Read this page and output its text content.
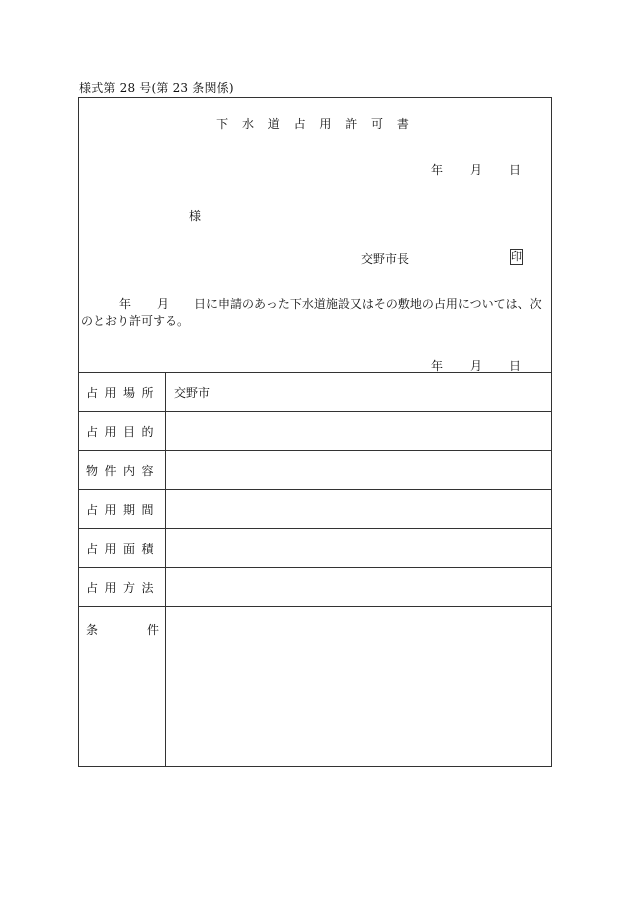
様式第 28 号(第 23 条関係)
下 水 道 占 用 許 可 書
年 月 日
様
交野市長	印
年 月 日に申請のあった下水道施設又はその敷地の占用については、次のとおり許可する。
年 月 日
占用場所	交野市
占用目的
物件内容
占用期間
占用面積
占用方法
条	件
